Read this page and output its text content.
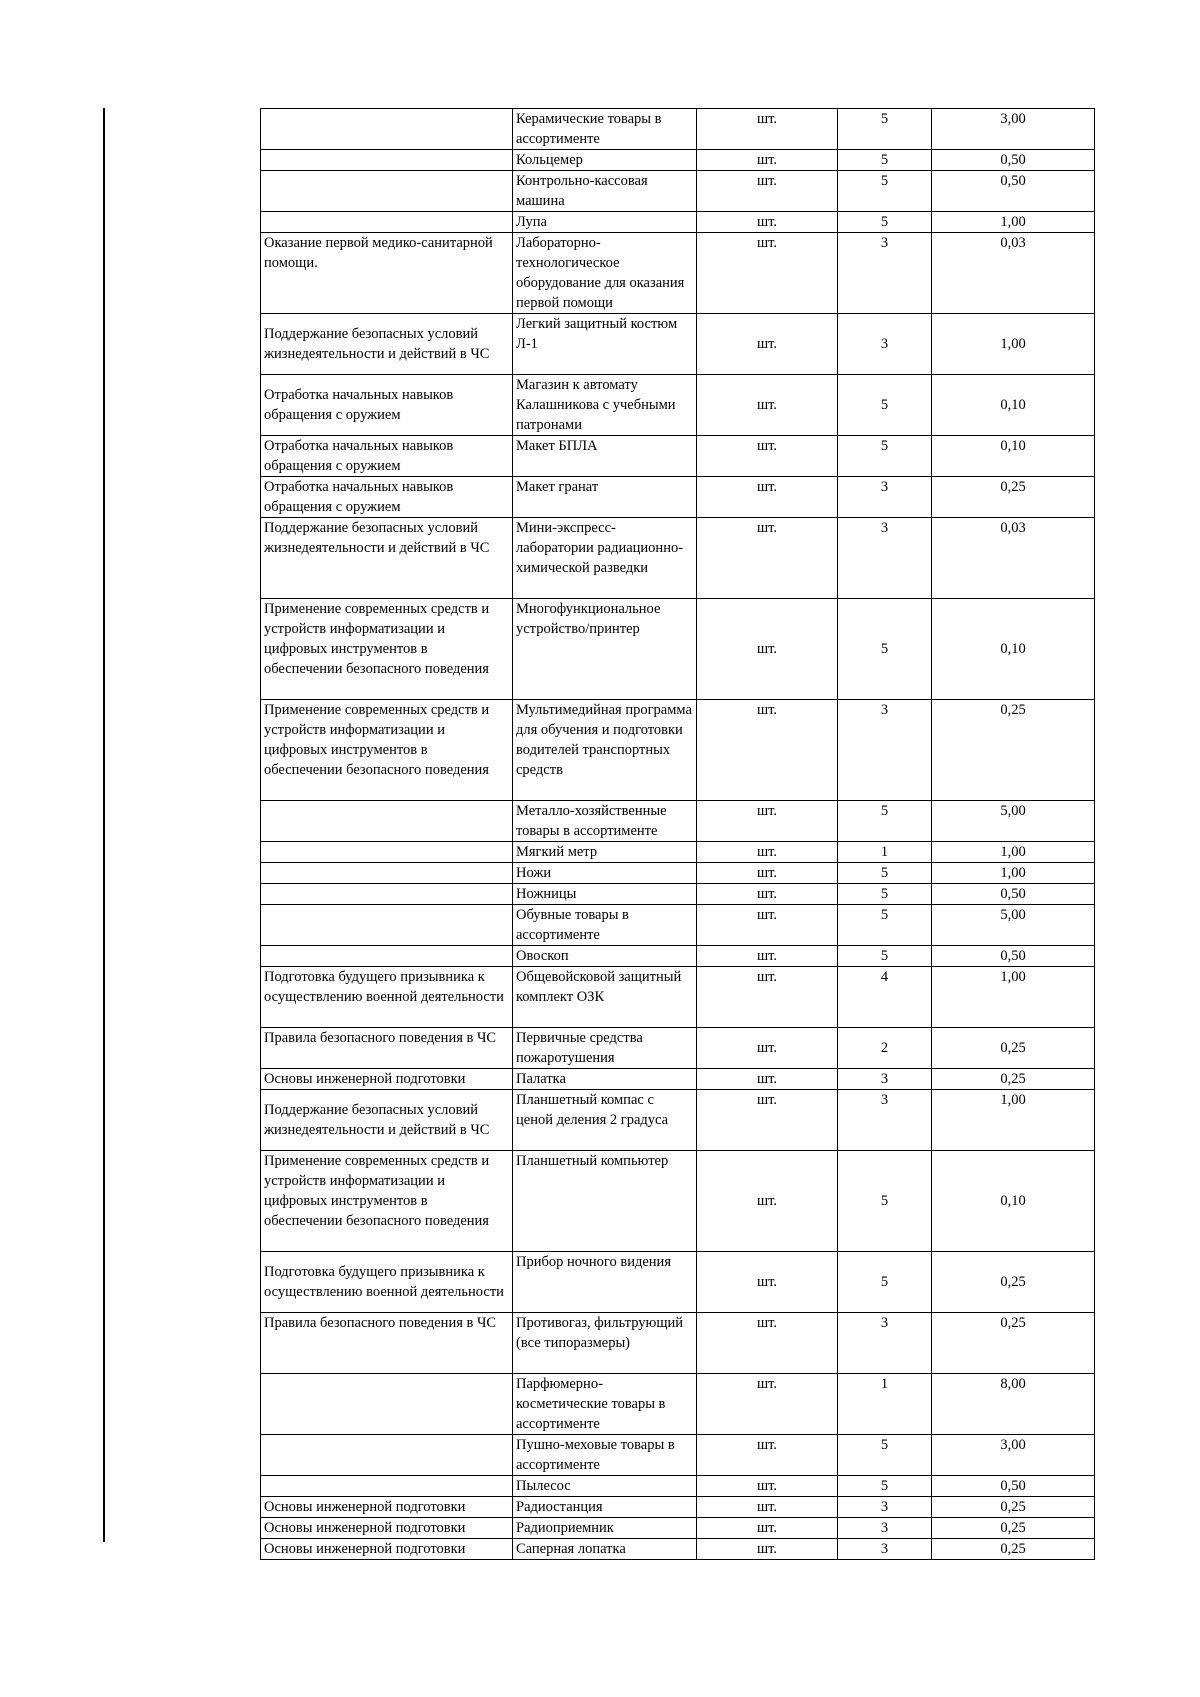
	Керамические товары в ассортименте	шт.	5	3,00
	Кольцемер	шт.	5	0,50
	Контрольно-кассовая машина	шт.	5	0,50
	Лупа	шт.	5	1,00
Оказание первой медико-санитарной помощи.	Лабораторно-технологическое оборудование для оказания первой помощи	шт.	3	0,03
Поддержание безопасных условий жизнедеятельности и действий в ЧС	Легкий защитный костюм Л-1	шт.	3	1,00
Отработка начальных навыков обращения с оружием	Магазин к автомату Калашникова с учебными патронами	шт.	5	0,10
Отработка начальных навыков обращения с оружием	Макет БПЛА	шт.	5	0,10
Отработка начальных навыков обращения с оружием	Макет гранат	шт.	3	0,25
Поддержание безопасных условий жизнедеятельности и действий в ЧС	Мини-экспресс-лаборатории радиационно-химической разведки	шт.	3	0,03
Применение современных средств и устройств информатизации и цифровых инструментов в обеспечении безопасного поведения	Многофункциональное устройство/принтер	шт.	5	0,10
Применение современных средств и устройств информатизации и цифровых инструментов в обеспечении безопасного поведения	Мультимедийная программа для обучения и подготовки водителей транспортных средств	шт.	3	0,25
	Металло-хозяйственные товары в ассортименте	шт.	5	5,00
	Мягкий метр	шт.	1	1,00
	Ножи	шт.	5	1,00
	Ножницы	шт.	5	0,50
	Обувные товары в ассортименте	шт.	5	5,00
	Овоскоп	шт.	5	0,50
Подготовка будущего призывника к осуществлению военной деятельности	Общевойсковой защитный комплект ОЗК	шт.	4	1,00
Правила безопасного поведения в ЧС	Первичные средства пожаротушения	шт.	2	0,25
Основы инженерной подготовки	Палатка	шт.	3	0,25
Поддержание безопасных условий жизнедеятельности и действий в ЧС	Планшетный компас с ценой деления 2 градуса	шт.	3	1,00
Применение современных средств и устройств информатизации и цифровых инструментов в обеспечении безопасного поведения	Планшетный компьютер	шт.	5	0,10
Подготовка будущего призывника к осуществлению военной деятельности	Прибор ночного видения	шт.	5	0,25
Правила безопасного поведения в ЧС	Противогаз, фильтрующий (все типоразмеры)	шт.	3	0,25
	Парфюмерно-косметические товары в ассортименте	шт.	1	8,00
	Пушно-меховые товары в ассортименте	шт.	5	3,00
	Пылесос	шт.	5	0,50
Основы инженерной подготовки	Радиостанция	шт.	3	0,25
Основы инженерной подготовки	Радиоприемник	шт.	3	0,25
Основы инженерной подготовки	Саперная лопатка	шт.	3	0,25
